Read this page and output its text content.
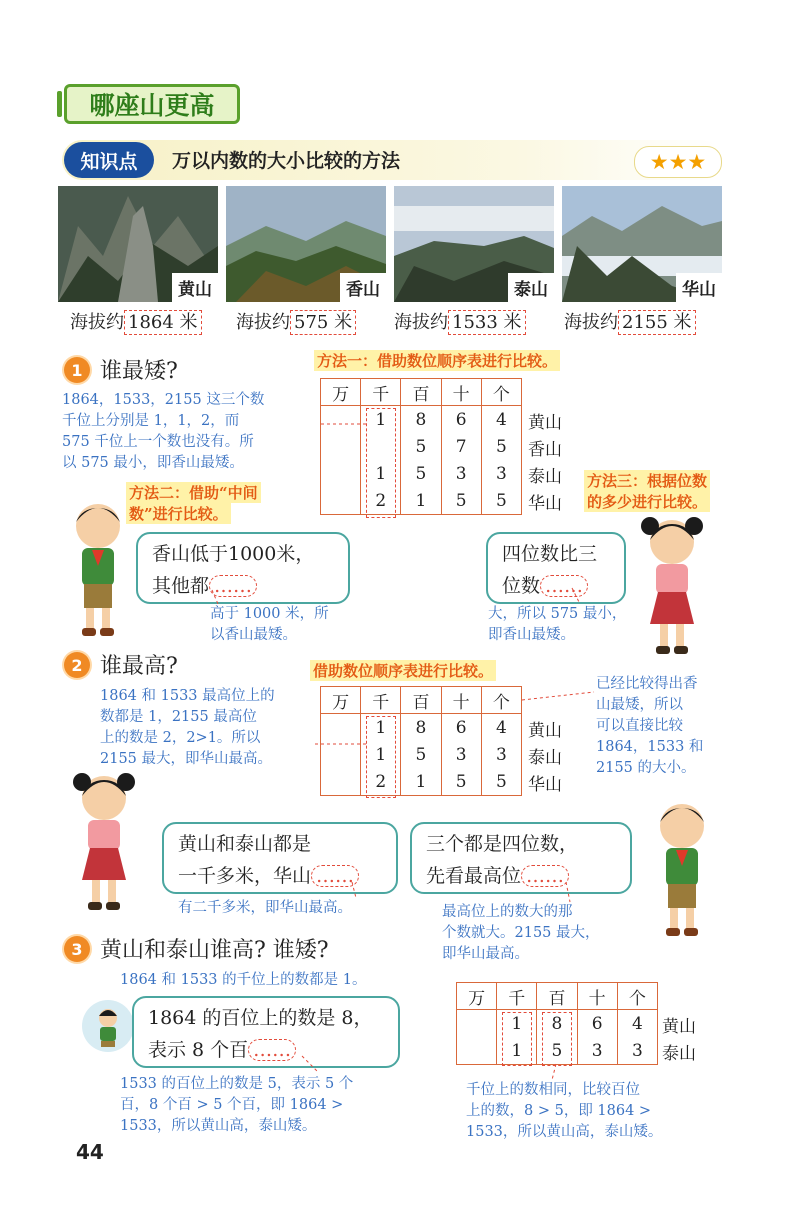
哪座山更高
知识点	万以内数的大小比较的方法	★★★
黄山	香山	泰山	华山
海拔约 1864 米 海拔约 575 米 海拔约 1533 米 海拔约 2155 米
1 谁最矮?	方法一：借助数位顺序表进行比较。
1864，1533，2155 这三个数
千位上分别是 1，1，2，而
575 千位上一个数也没有。所
以 575 最小，即香山最矮。
方法二：借助“中间
数”进行比较。
方法三：根据位数
的多少进行比较。
万	千	百	十	个
	1	8	6	4
		5	7	5
	1	5	3	3
	2	1	5	5
黄山
香山
泰山
华山
香山低于1000米，
其他都 ……
高于 1000 米，所
以香山最矮。
四位数比三
位数 ……
大，所以 575 最小，
即香山最矮。
2 谁最高?	借助数位顺序表进行比较。
1864 和 1533 最高位上的
数都是 1，2155 最高位
上的数是 2，2>1。所以
2155 最大，即华山最高。
万	千	百	十	个
	1	8	6	4
	1	5	3	3
	2	1	5	5
黄山
泰山
华山
已经比较得出香
山最矮，所以
可以直接比较
1864，1533 和
2155 的大小。
黄山和泰山都是
一千多米，华山 ……
有二千多米，即华山最高。
三个都是四位数，
先看最高位 ……
最高位上的数大的那
个数就大。2155 最大，
即华山最高。
3 黄山和泰山谁高? 谁矮?
1864 和 1533 的千位上的数都是 1。
1864 的百位上的数是 8，
表示 8 个百 ……
1533 的百位上的数是 5，表示 5 个
百，8 个百 > 5 个百，即 1864 >
1533，所以黄山高，泰山矮。
万	千	百	十	个
	1	8	6	4
	1	5	3	3
黄山
泰山
千位上的数相同，比较百位
上的数，8 > 5，即 1864 >
1533，所以黄山高，泰山矮。
44
